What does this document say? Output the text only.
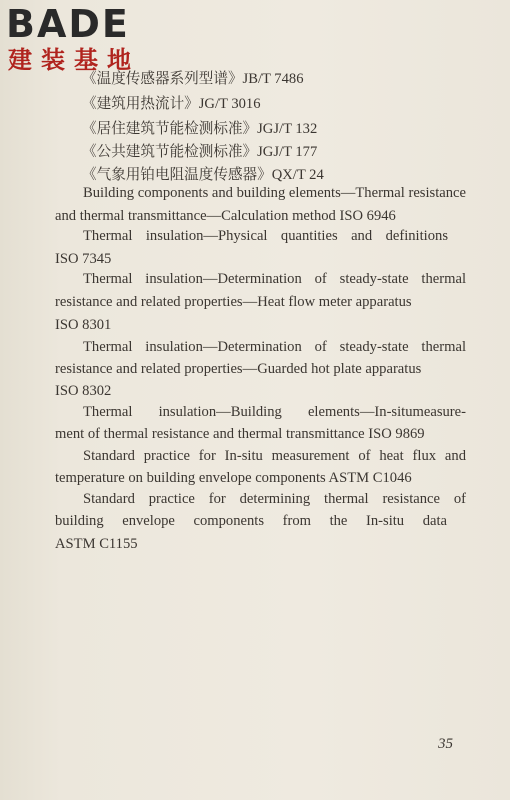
BADE
建装基地
《温度传感器系列型谱》JB/T 7486
《建筑用热流计》JG/T 3016
《居住建筑节能检测标准》JGJ/T 132
《公共建筑节能检测标准》JGJ/T 177
《气象用铂电阻温度传感器》QX/T 24
Building components and building elements—Thermal resistance
and thermal transmittance—Calculation method ISO 6946
Thermal insulation—Physical quantities and definitions
ISO 7345
Thermal insulation—Determination of steady-state thermal
resistance and related properties—Heat flow meter apparatus
ISO 8301
Thermal insulation—Determination of steady-state thermal
resistance and related properties—Guarded hot plate apparatus
ISO 8302
Thermal insulation—Building elements—In-situmeasure-
ment of thermal resistance and thermal transmittance ISO 9869
Standard practice for In-situ measurement of heat flux and
temperature on building envelope components ASTM C1046
Standard practice for determining thermal resistance of
building envelope components from the In-situ data
ASTM C1155
35
